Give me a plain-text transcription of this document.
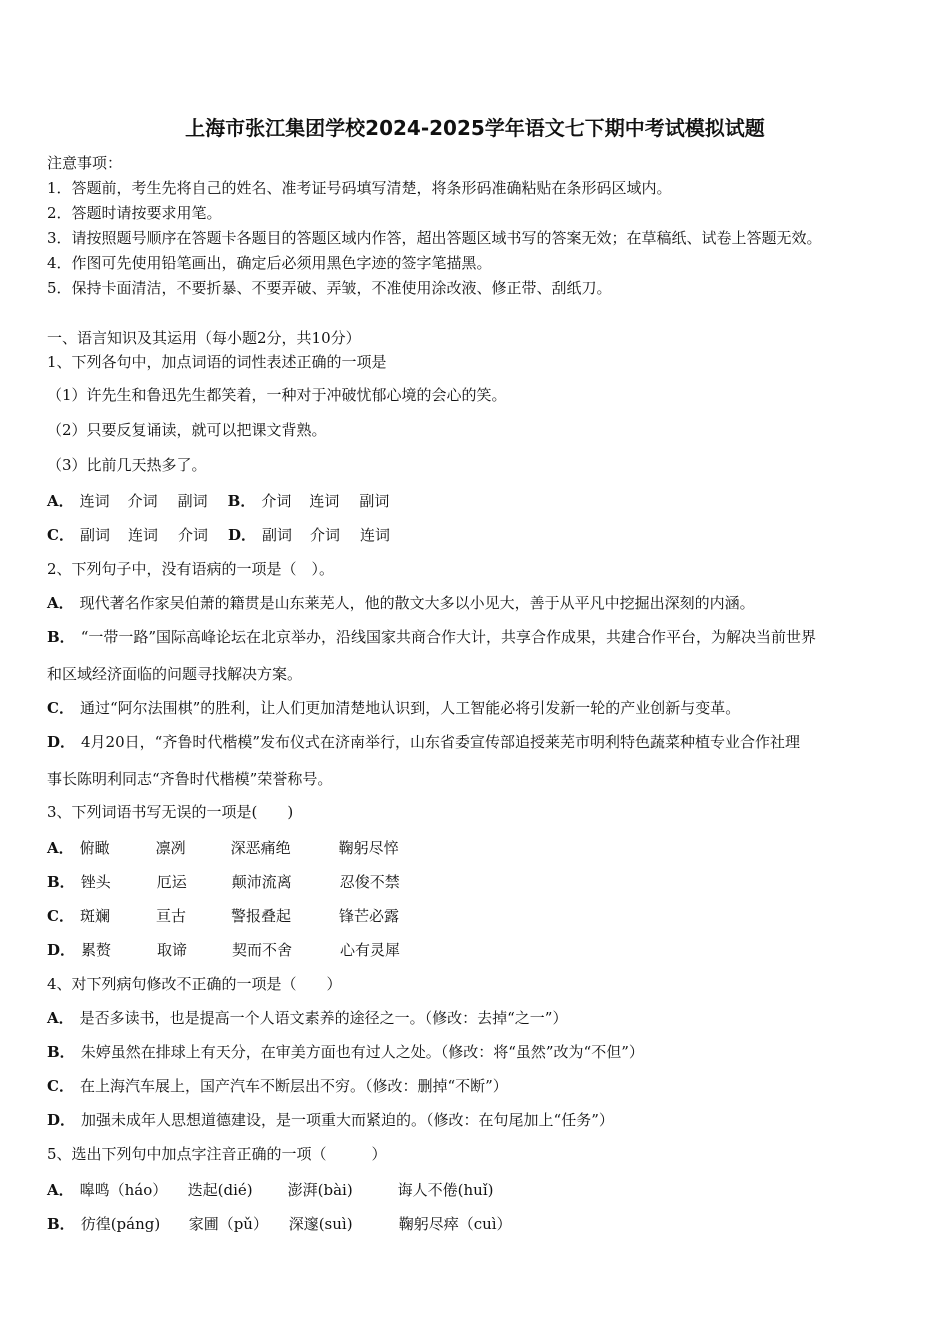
上海市张江集团学校2024-2025学年语文七下期中考试模拟试题
注意事项：
1．答题前，考生先将自己的姓名、准考证号码填写清楚，将条形码准确粘贴在条形码区域内。
2．答题时请按要求用笔。
3．请按照题号顺序在答题卡各题目的答题区域内作答，超出答题区域书写的答案无效；在草稿纸、试卷上答题无效。
4．作图可先使用铅笔画出，确定后必须用黑色字迹的签字笔描黑。
5．保持卡面清洁，不要折暴、不要弄破、弄皱，不准使用涂改液、修正带、刮纸刀。
一、语言知识及其运用（每小题2分，共10分）
1、下列各句中，加点词语的词性表述正确的一项是
（1）许先生和鲁迅先生都笑着，一种对于冲破忧郁心境的会心的笑。
（2）只要反复诵读，就可以把课文背熟。
（3）比前几天热多了。
A． 连词 介词 副词 B． 介词 连词 副词
C． 副词 连词 介词 D． 副词 介词 连词
2、下列句子中，没有语病的一项是（　）。
A． 现代著名作家吴伯萧的籍贯是山东莱芜人，他的散文大多以小见大，善于从平凡中挖掘出深刻的内涵。
B． “一带一路”国际高峰论坛在北京举办，沿线国家共商合作大计，共享合作成果，共建合作平台，为解决当前世界
和区域经济面临的问题寻找解决方案。
C． 通过“阿尔法围棋”的胜利，让人们更加清楚地认识到，人工智能必将引发新一轮的产业创新与变革。
D． 4月20日，“齐鲁时代楷模”发布仪式在济南举行，山东省委宣传部追授莱芜市明利特色蔬菜种植专业合作社理
事长陈明利同志“齐鲁时代楷模”荣誉称号。
3、下列词语书写无误的一项是(　　)
A． 俯瞰	凛冽	深恶痛绝	鞠躬尽悴
B． 锉头	厄运	颠沛流离	忍俊不禁
C． 斑斓	亘古	警报叠起	锋芒必露
D． 累赘	取谛	契而不舍	心有灵犀
4、对下列病句修改不正确的一项是（　　）
A． 是否多读书，也是提高一个人语文素养的途径之一。（修改：去掉“之一”）
B． 朱婷虽然在排球上有天分，在审美方面也有过人之处。（修改：将“虽然”改为“不但”）
C． 在上海汽车展上，国产汽车不断层出不穷。（修改：删掉“不断”）
D． 加强未成年人思想道德建设，是一项重大而紧迫的。（修改：在句尾加上“任务”）
5、选出下列句中加点字注音正确的一项（　　　）
A． 嗥鸣（háo） 迭起(dié) 澎湃(bài)	诲人不倦(huǐ)
B． 彷徨(páng) 家圃（pǔ） 深邃(suì)	鞠躬尽瘁（cuì）
